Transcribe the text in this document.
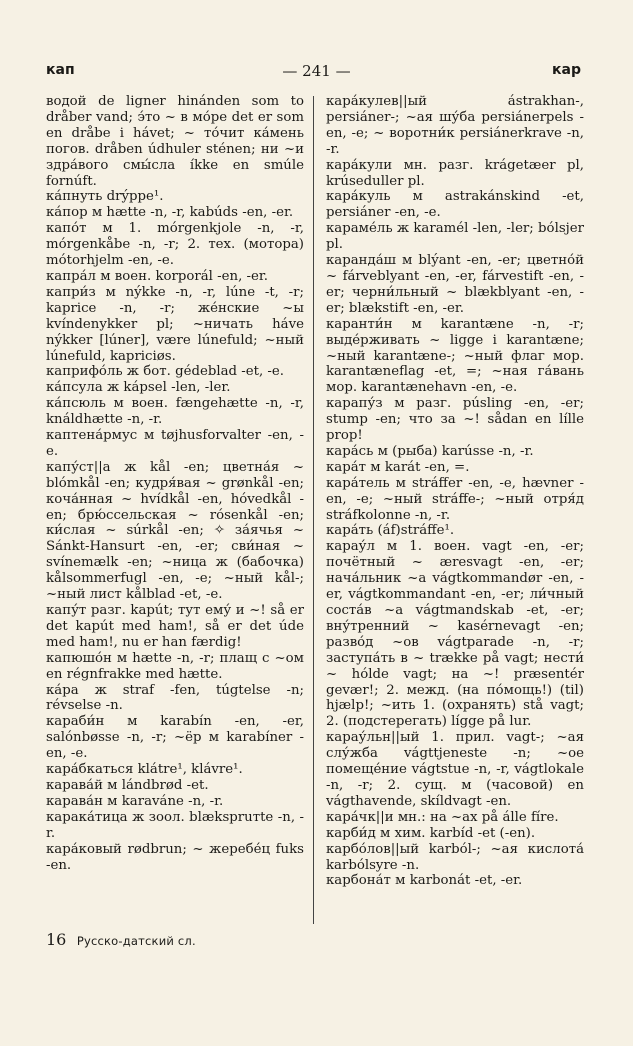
кап	— 241 —	кар
водой de ligner hinánden som to dråber vand; э́то ~ в мо́ре det er som en dråbe i hávet; ~ то́чит ка́мень погов. dråben údhuler sténen; ни ~и здра́вого смы́сла íkke en smúle fornúft.
ка́пнуть drýppe¹.
ка́пор м hætte -n, -r, kabúds -en, -er.
капо́т м 1. mórgenkjole -n, -r, mórgenkåbe -n, -r; 2. тех. (мотора) mótorhjelm -en, -e.
капра́л м воен. korporál -en, -er.
капри́з м nýkke -n, -r, lúne -t, -r; kaprice -n, -r; же́нские ~ы kvíndenykker pl; ~ничать háve nýkker [lúner], være lúnefuld; ~ный lúnefuld, kapriciøs.
каприфо́ль ж бот. gédeblad -et, -e.
ка́псула ж kápsel -len, -ler.
ка́псюль м воен. fængehætte -n, -r, knáldhætte -n, -r.
каптена́рмус м tøjhusforvalter -en, -e.
капу́ст||а ж kål -en; цветна́я ~ blómkål -en; кудря́вая ~ grønkål -en; коча́нная ~ hvídkål -en, hóvedkål -en; брю́ссельская ~ rósenkål -en; ки́слая ~ súrkål -en; ✧ за́ячья ~ Sánkt-Hansurt -en, -er; сви́ная ~ svínemælk -en; ~ница ж (бабочка) kålsommerfugl -en, -e; ~ный kål-; ~ный лист kålblad -et, -e.
капу́т разг. kapút; тут ему́ и ~! så er det kapút med ham!, så er det úde med ham!, nu er han færdig!
капюшо́н м hætte -n, -r; плащ с ~ом en régnfrakke med hætte.
ка́ра ж straf -fen, túgtelse -n; révselse -n.
караби́н м karabín -en, -er, salónbøsse -n, -r; ~ёр м karabíner -en, -e.
кара́бкаться klátre¹, klávre¹.
карава́й м lándbrød -et.
карава́н м karaváne -n, -r.
карака́тица ж зоол. blækspruтte -n, -r.
кара́ковый rødbrun; ~ жеребе́ц fuks -en.
кара́кулев||ый ástrakhan-, persiáner-; ~ая шу́ба persiánerpels -en, -e; ~ воротни́к persiánerkrave -n, -r.
кара́кули мн. разг. krágetæer pl, krúseduller pl.
кара́куль м astrakánskind -et, persiáner -en, -e.
караме́ль ж karamél -len, -ler; bólsjer pl.
каранда́ш м blýant -en, -er; цветно́й ~ fárveblyant -en, -er, fárvestift -en, -er; черни́льный ~ blækblyant -en, -er; blækstift -en, -er.
каранти́н м karantæne -n, -r; выде́рживать ~ ligge i karantæne; ~ный karantæne-; ~ный флаг мор. karantæneflag -et, =; ~ная га́вань мор. karantænehavn -en, -e.
карапу́з м разг. púsling -en, -er; stump -en; что за ~! sådan en lílle prop!
кара́сь м (рыба) karússe -n, -r.
кара́т м karát -en, =.
кара́тель м stráffer -en, -e, hævner -en, -e; ~ный stráffe-; ~ный отря́д stráfkolonne -n, -r.
кара́ть (áf)stráffe¹.
карау́л м 1. воен. vagt -en, -er; почётный ~ æresvagt -en, -er; нача́льник ~а vágtkommandør -en, -er, vágtkommandant -en, -er; ли́чный соста́в ~а vágtmandskab -et, -er; вну́тренний ~ kasérnevagt -en; разво́д ~ов vágtparade -n, -r; заступа́ть в ~ trække på vagt; нести́ ~ hólde vagt; на ~! præsentér gevær!; 2. межд. (на по́мощь!) (til) hjælp!; ~ить 1. (охранять) stå vagt; 2. (подстерегать) lígge på lur.
карау́льн||ый 1. прил. vagt-; ~ая слу́жба vágttjeneste -n; ~ое помеще́ние vágtstue -n, -r, vágtlokale -n, -r; 2. сущ. м (часовой) en vágthavende, skíldvagt -en.
кара́чк||и мн.: на ~ах på álle fíre.
карби́д м хим. karbíd -et (-en).
карбо́лов||ый karból-; ~ая кислота́ karbólsyre -n.
карбона́т м karbonát -et, -er.
16 Русско-датский сл.
